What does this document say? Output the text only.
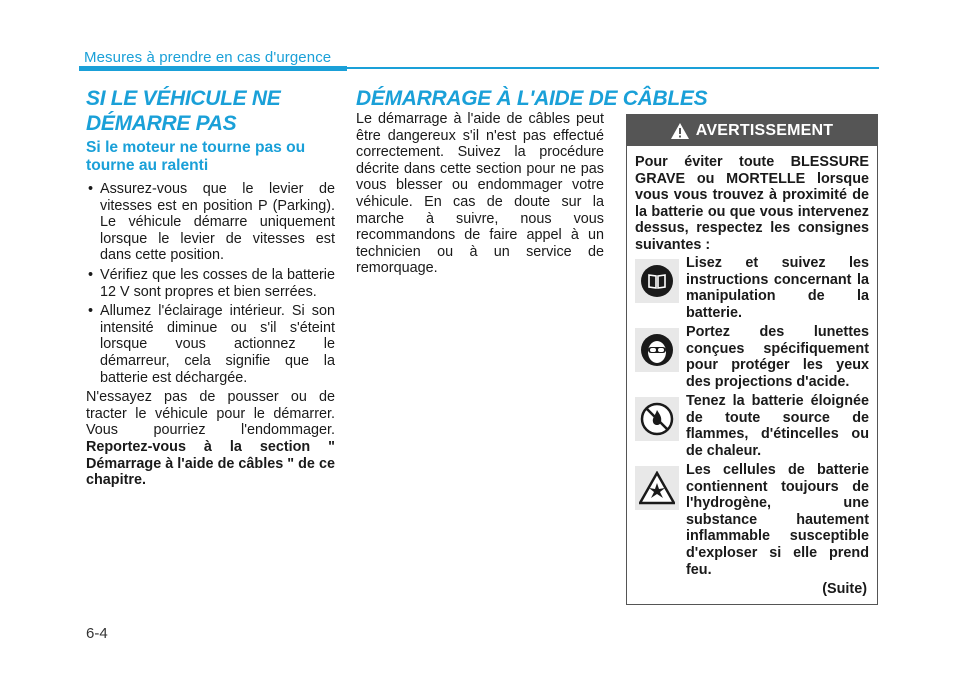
Mesures à prendre en cas d'urgence
SI LE VÉHICULE NE
DÉMARRE PAS
Si le moteur ne tourne pas ou tourne au ralenti
• Assurez-vous que le levier de vitesses est en position P (Parking). Le véhicule démarre uniquement lorsque le levier de vitesses est dans cette position.
• Vérifiez que les cosses de la batterie 12 V sont propres et bien serrées.
• Allumez l'éclairage intérieur. Si son intensité diminue ou s'il s'éteint lorsque vous actionnez le démarreur, cela signifie que la batterie est déchargée.
N'essayez pas de pousser ou de tracter le véhicule pour le démarrer. Vous pourriez l'endommager. Reportez-vous à la section " Démarrage à l'aide de câbles " de ce chapitre.
DÉMARRAGE À L'AIDE DE CÂBLES
Le démarrage à l'aide de câbles peut être dangereux s'il n'est pas effectué correctement. Suivez la procédure décrite dans cette section pour ne pas vous blesser ou endommager votre véhicule. En cas de doute sur la marche à suivre, nous vous recommandons de faire appel à un technicien ou à un service de remorquage.
AVERTISSEMENT
Pour éviter toute BLESSURE GRAVE ou MORTELLE lorsque vous vous trouvez à proximité de la batterie ou que vous intervenez dessus, respectez les consignes suivantes :
Lisez et suivez les instructions concernant la manipulation de la batterie.
Portez des lunettes conçues spécifiquement pour protéger les yeux des projections d'acide.
Tenez la batterie éloignée de toute source de flammes, d'étincelles ou de chaleur.
Les cellules de batterie contiennent toujours de l'hydrogène, une substance hautement inflammable susceptible d'exploser si elle prend feu.
(Suite)
6-4
